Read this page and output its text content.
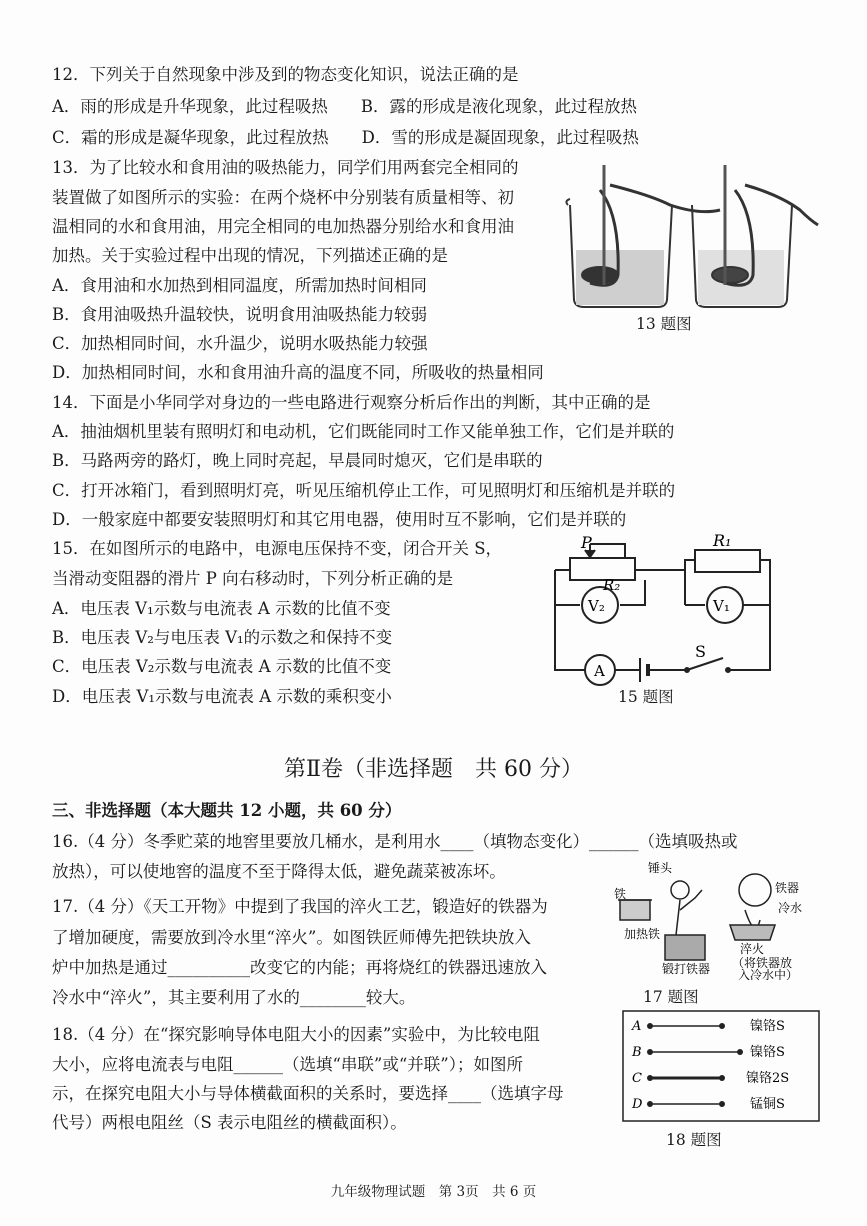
12．下列关于自然现象中涉及到的物态变化知识，说法正确的是
A．雨的形成是升华现象，此过程吸热　　B．露的形成是液化现象，此过程放热
C．霜的形成是凝华现象，此过程放热　　D．雪的形成是凝固现象，此过程吸热
13．为了比较水和食用油的吸热能力，同学们用两套完全相同的
装置做了如图所示的实验：在两个烧杯中分别装有质量相等、初
温相同的水和食用油，用完全相同的电加热器分别给水和食用油
加热。关于实验过程中出现的情况，下列描述正确的是
A．食用油和水加热到相同温度，所需加热时间相同
B．食用油吸热升温较快，说明食用油吸热能力较弱
C．加热相同时间，水升温少，说明水吸热能力较强
D．加热相同时间，水和食用油升高的温度不同，所吸收的热量相同
13 题图
14．下面是小华同学对身边的一些电路进行观察分析后作出的判断，其中正确的是
A．抽油烟机里装有照明灯和电动机，它们既能同时工作又能单独工作，它们是并联的
B．马路两旁的路灯，晚上同时亮起，早晨同时熄灭，它们是串联的
C．打开冰箱门，看到照明灯亮，听见压缩机停止工作，可见照明灯和压缩机是并联的
D．一般家庭中都要安装照明灯和其它用电器，使用时互不影响，它们是并联的
15．在如图所示的电路中，电源电压保持不变，闭合开关 S，
当滑动变阻器的滑片 P 向右移动时，下列分析正确的是
A．电压表 V₁示数与电流表 A 示数的比值不变
B．电压表 V₂与电压表 V₁的示数之和保持不变
C．电压表 V₂示数与电流表 A 示数的比值不变
D．电压表 V₁示数与电流表 A 示数的乘积变小
P	R₁
R₂
V₂	V₁
A
S
15 题图
第Ⅱ卷（非选择题　共 60 分）
三、非选择题（本大题共 12 小题，共 60 分）
16.（4 分）冬季贮菜的地窖里要放几桶水，是利用水____（填物态变化）______（选填吸热或
放热），可以使地窖的温度不至于降得太低，避免蔬菜被冻坏。
17.（4 分）《天工开物》中提到了我国的淬火工艺，锻造好的铁器为
了增加硬度，需要放到冷水里“淬火”。如图铁匠师傅先把铁块放入
炉中加热是通过__________改变它的内能；再将烧红的铁器迅速放入
冷水中“淬火”，其主要利用了水的________较大。
锤头
铁	铁器
冷水
加热铁
锻打铁器
淬火
（将铁器放
入冷水中）
17 题图
18.（4 分）在“探究影响导体电阻大小的因素”实验中，为比较电阻
大小，应将电流表与电阻______（选填“串联”或“并联”）；如图所
示，在探究电阻大小与导体横截面积的关系时，要选择____（选填字母
代号）两根电阻丝（S 表示电阻丝的横截面积）。
A	镍铬S
B	镍铬S
C	镍铬2S
D	锰铜S
18 题图
九年级物理试题　第 3页　共 6 页
